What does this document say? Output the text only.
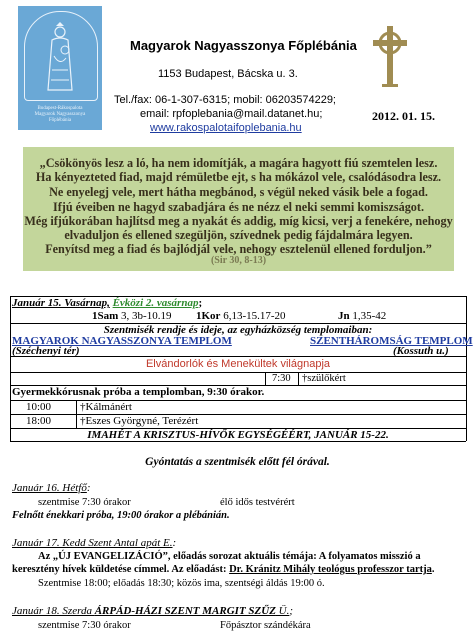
Budapest-Rákospalota
Magyarok Nagyasszonya
Főplébánia
Magyarok Nagyasszonya Főplébánia
1153 Budapest, Bácska u. 3.
Tel./fax: 06-1-307-6315; mobil: 06203574229;
email: rpfoplebania@mail.datanet.hu;
www.rakospalotaifoplebania.hu
2012. 01. 15.
„Csökönyös lesz a ló, ha nem idomítják, a magára hagyott fiú szemtelen lesz.
Ha kényezteted fiad, majd rémületbe ejt, s ha mókázol vele, csalódásodra lesz.
Ne enyelegj vele, mert hátha megbánod, s végül neked vásik bele a fogad.
Ifjú éveiben ne hagyd szabadjára és ne nézz el neki semmi komiszságot.
Még ifjúkorában hajlítsd meg a nyakát és addig, míg kicsi, verj a fenekére, nehogy
elvaduljon és ellened szegüljön, szívednek pedig fájdalmára legyen.
Fenyítsd meg a fiad és bajlódjál vele, nehogy esztelenül ellened forduljon.”
(Sir 30, 8-13)
Január 15. Vasárnap, Évközi 2. vasárnap;
1Sam 3, 3b-10.19 1Kor 6,13-15.17-20	Jn 1,35-42
Szentmisék rendje és ideje, az egyházközség templomaiban:
MAGYAROK NAGYASSZONYA TEMPLOM
(Széchenyi tér)
SZENTHÁROMSÁG TEMPLOM
(Kossuth u.)
Elvándorlók és Menekültek világnapja
7:30 †szülőkért
Gyermekkórusnak próba a templomban, 9:30 órakor.
10:00	†Kálmánért
18:00	†Eszes Györgyné, Terézért
IMAHÉT A KRISZTUS-HÍVŐK EGYSÉGÉÉRT, JANUÁR 15-22.
Gyóntatás a szentmisék előtt fél órával.
Január 16. Hétfő:
szentmise 7:30 órakor	élő idős testvérért
Felnőtt énekkari próba, 19:00 órakor a plébánián.
Január 17. Kedd Szent Antal apát E.:
Az „ÚJ EVANGELIZÁCIÓ”, előadás sorozat aktuális témája: A folyamatos misszió a
keresztény hívek küldetése címmel. Az előadást: Dr. Kránitz Mihály teológus professzor tartja.
Szentmise 18:00; előadás 18:30; közös ima, szentségi áldás 19:00 ó.
Január 18. Szerda ÁRPÁD-HÁZI SZENT MARGIT SZŰZ Ü.;
szentmise 7:30 órakor	Főpásztor szándékára
